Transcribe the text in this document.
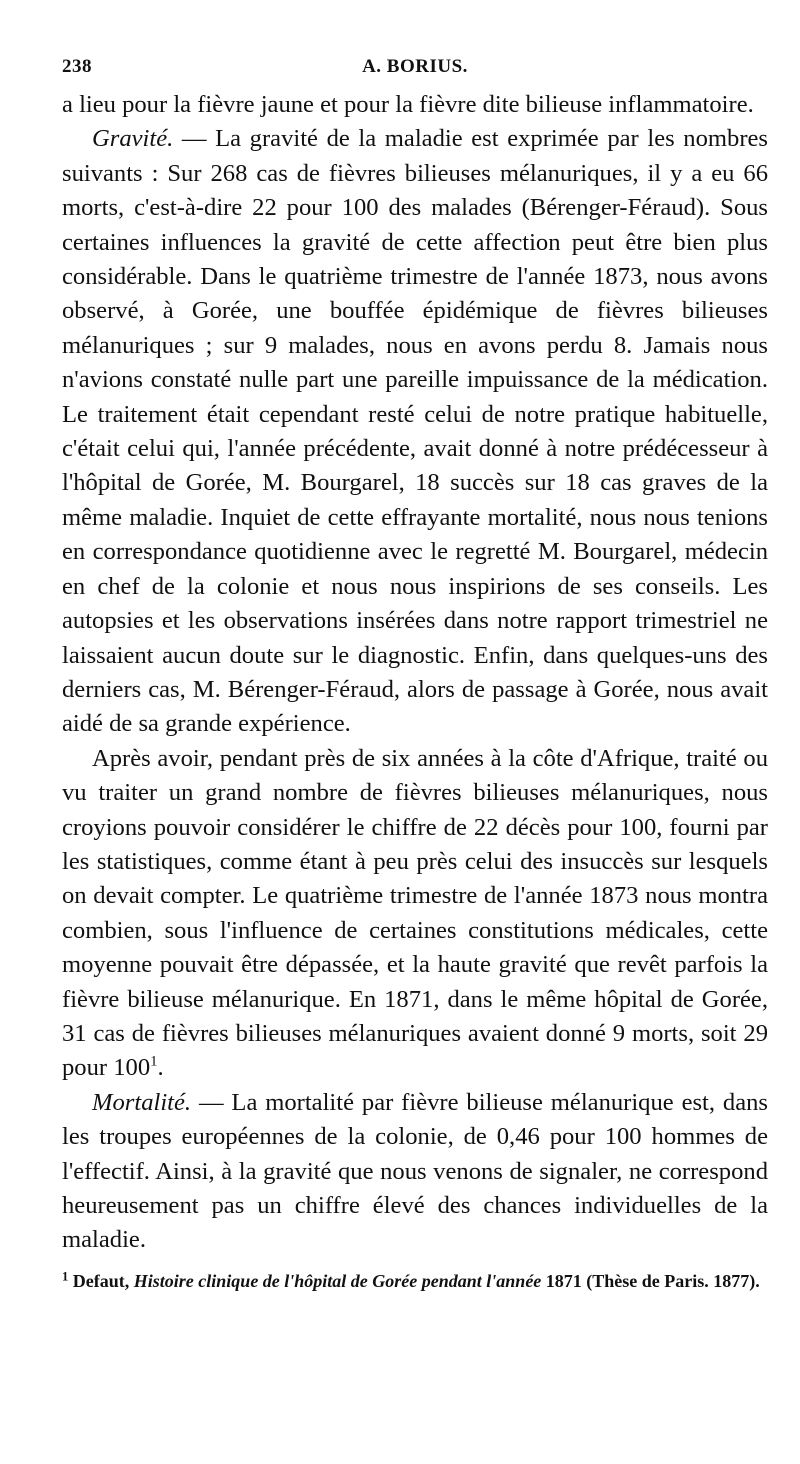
238	A. BORIUS.

a lieu pour la fièvre jaune et pour la fièvre dite bilieuse inflammatoire.

Gravité. — La gravité de la maladie est exprimée par les nombres suivants : Sur 268 cas de fièvres bilieuses mélanuriques, il y a eu 66 morts, c'est-à-dire 22 pour 100 des malades (Bérenger-Féraud). Sous certaines influences la gravité de cette affection peut être bien plus considérable. Dans le quatrième trimestre de l'année 1873, nous avons observé, à Gorée, une bouffée épidémique de fièvres bilieuses mélanuriques ; sur 9 malades, nous en avons perdu 8. Jamais nous n'avions constaté nulle part une pareille impuissance de la médication. Le traitement était cependant resté celui de notre pratique habituelle, c'était celui qui, l'année précédente, avait donné à notre prédécesseur à l'hôpital de Gorée, M. Bourgarel, 18 succès sur 18 cas graves de la même maladie. Inquiet de cette effrayante mortalité, nous nous tenions en correspondance quotidienne avec le regretté M. Bourgarel, médecin en chef de la colonie et nous nous inspirions de ses conseils. Les autopsies et les observations insérées dans notre rapport trimestriel ne laissaient aucun doute sur le diagnostic. Enfin, dans quelques-uns des derniers cas, M. Bérenger-Féraud, alors de passage à Gorée, nous avait aidé de sa grande expérience.

Après avoir, pendant près de six années à la côte d'Afrique, traité ou vu traiter un grand nombre de fièvres bilieuses mélanuriques, nous croyions pouvoir considérer le chiffre de 22 décès pour 100, fourni par les statistiques, comme étant à peu près celui des insuccès sur lesquels on devait compter. Le quatrième trimestre de l'année 1873 nous montra combien, sous l'influence de certaines constitutions médicales, cette moyenne pouvait être dépassée, et la haute gravité que revêt parfois la fièvre bilieuse mélanurique. En 1871, dans le même hôpital de Gorée, 31 cas de fièvres bilieuses mélanuriques avaient donné 9 morts, soit 29 pour $100^1$.

Mortalité. — La mortalité par fièvre bilieuse mélanurique est, dans les troupes européennes de la colonie, de 0,46 pour 100 hommes de l'effectif. Ainsi, à la gravité que nous venons de signaler, ne correspond heureusement pas un chiffre élevé des chances individuelles de la maladie.

$^1$ Defaut, Histoire clinique de l'hôpital de Gorée pendant l'année 1871 (Thèse de Paris. 1877).
